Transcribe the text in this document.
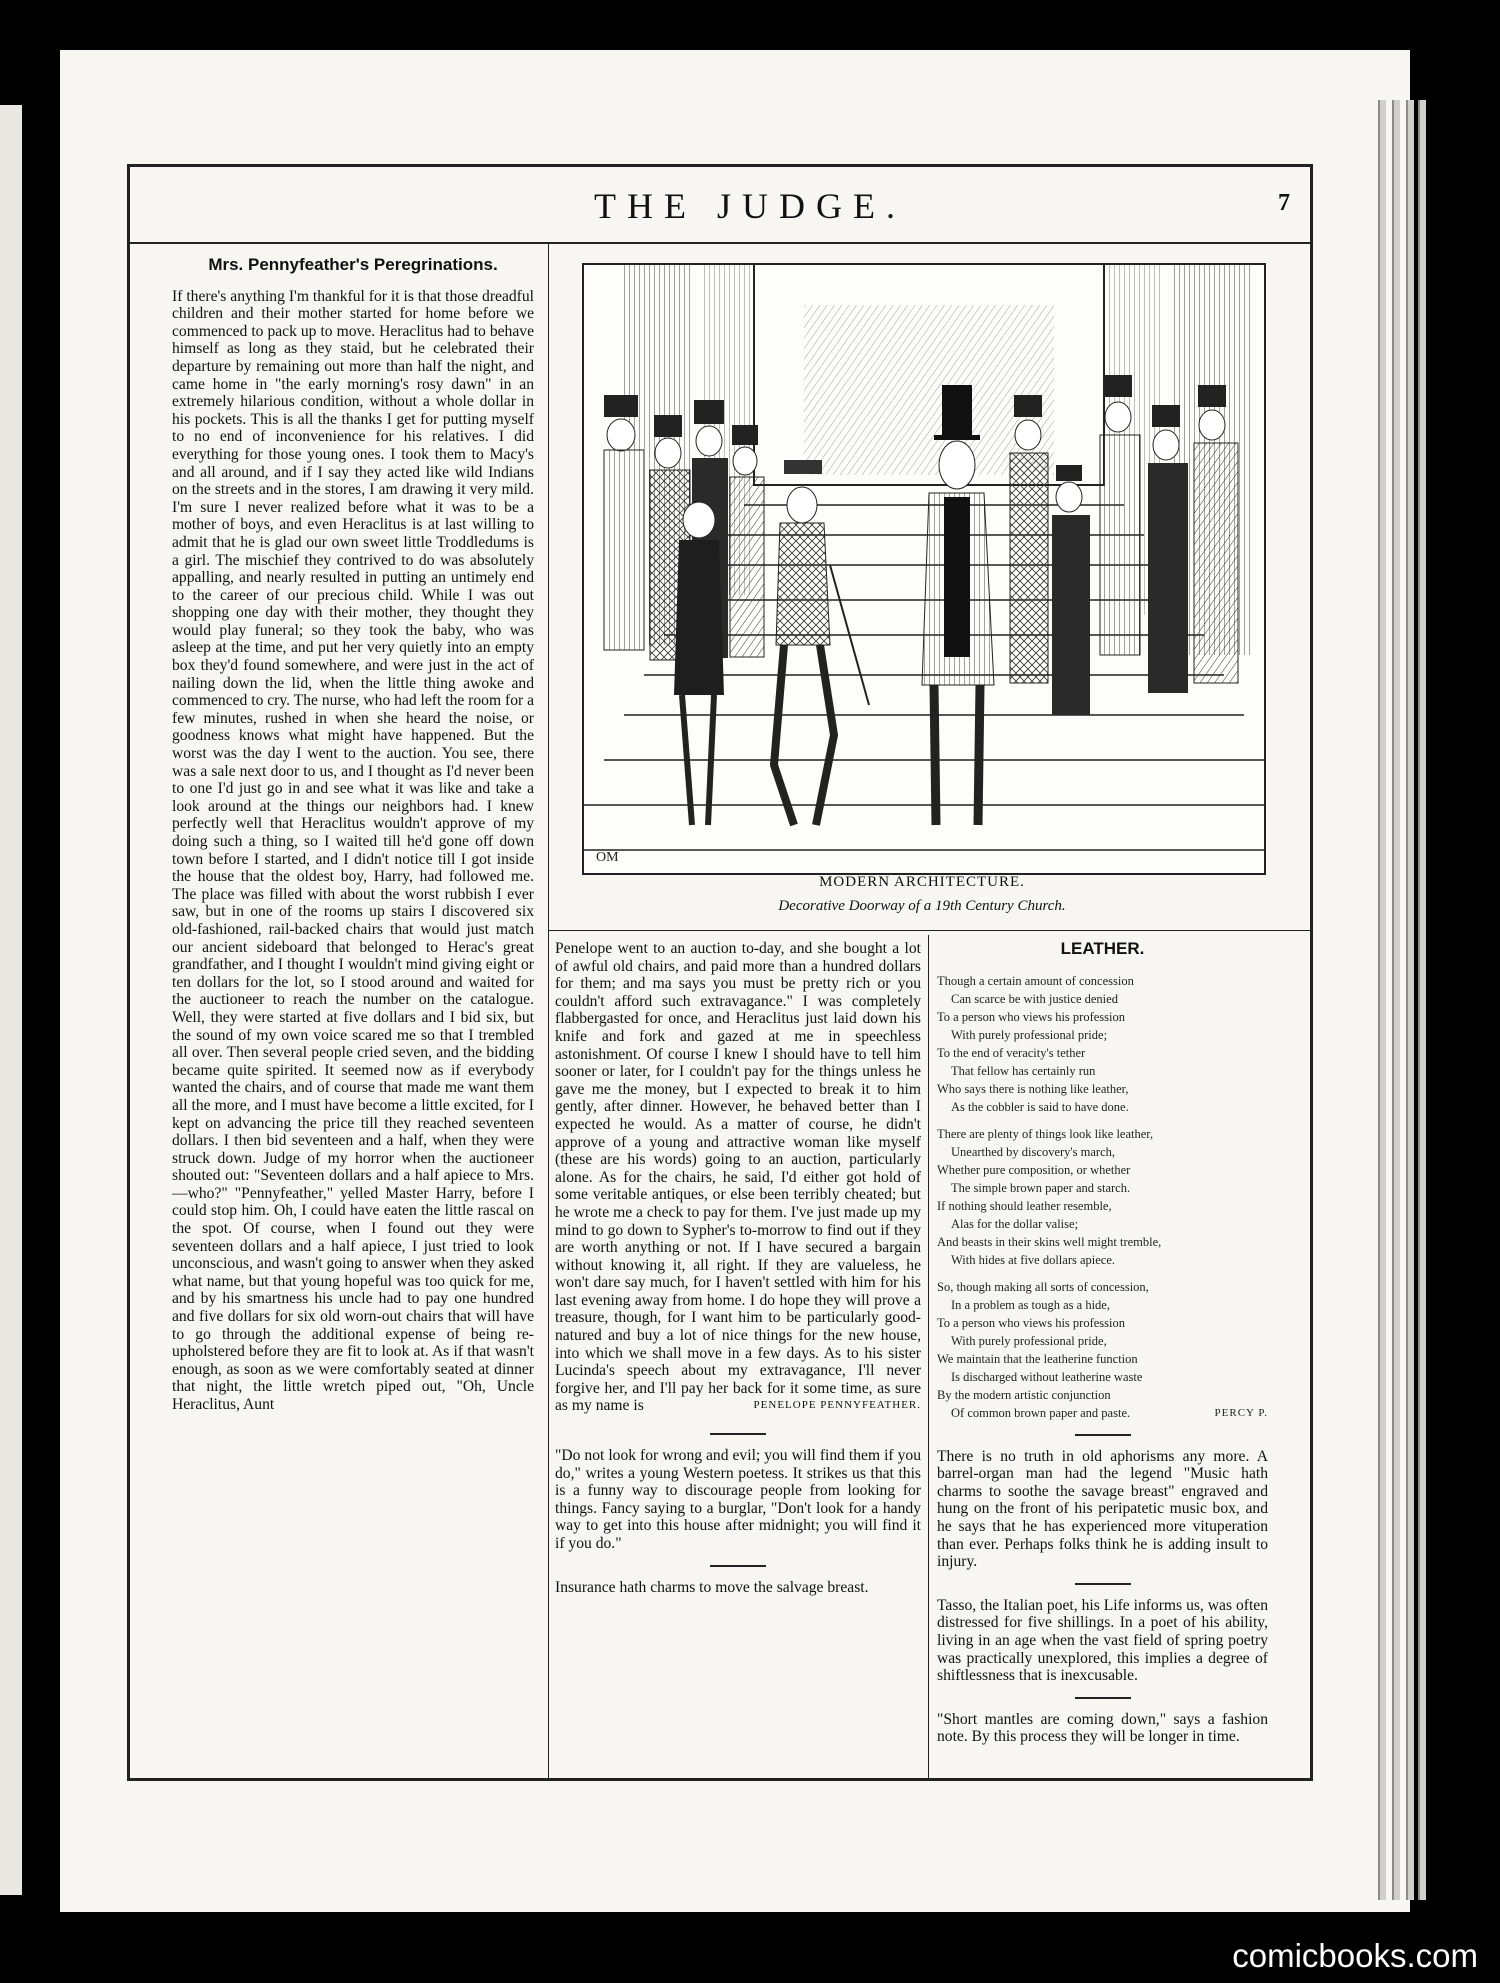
THE JUDGE.	7
Mrs. Pennyfeather's Peregrinations.

If there's anything I'm thankful for it is that those dreadful children and their mother started for home before we commenced to pack up to move. Heraclitus had to behave himself as long as they staid, but he celebrated their departure by remaining out more than half the night, and came home in "the early morning's rosy dawn" in an extremely hilarious condition, without a whole dollar in his pockets. This is all the thanks I get for putting myself to no end of inconvenience for his relatives. I did everything for those young ones. I took them to Macy's and all around, and if I say they acted like wild Indians on the streets and in the stores, I am drawing it very mild. I'm sure I never realized before what it was to be a mother of boys, and even Heraclitus is at last willing to admit that he is glad our own sweet little Troddledums is a girl. The mischief they contrived to do was absolutely appalling, and nearly resulted in putting an untimely end to the career of our precious child. While I was out shopping one day with their mother, they thought they would play funeral; so they took the baby, who was asleep at the time, and put her very quietly into an empty box they'd found somewhere, and were just in the act of nailing down the lid, when the little thing awoke and commenced to cry. The nurse, who had left the room for a few minutes, rushed in when she heard the noise, or goodness knows what might have happened. But the worst was the day I went to the auction. You see, there was a sale next door to us, and I thought as I'd never been to one I'd just go in and see what it was like and take a look around at the things our neighbors had. I knew perfectly well that Heraclitus wouldn't approve of my doing such a thing, so I waited till he'd gone off down town before I started, and I didn't notice till I got inside the house that the oldest boy, Harry, had followed me. The place was filled with about the worst rubbish I ever saw, but in one of the rooms up stairs I discovered six old-fashioned, rail-backed chairs that would just match our ancient sideboard that belonged to Herac's great grandfather, and I thought I wouldn't mind giving eight or ten dollars for the lot, so I stood around and waited for the auctioneer to reach the number on the catalogue. Well, they were started at five dollars and I bid six, but the sound of my own voice scared me so that I trembled all over. Then several people cried seven, and the bidding became quite spirited. It seemed now as if everybody wanted the chairs, and of course that made me want them all the more, and I must have become a little excited, for I kept on advancing the price till they reached seventeen dollars. I then bid seventeen and a half, when they were struck down. Judge of my horror when the auctioneer shouted out: "Seventeen dollars and a half apiece to Mrs.—who?" "Pennyfeather," yelled Master Harry, before I could stop him. Oh, I could have eaten the little rascal on the spot. Of course, when I found out they were seventeen dollars and a half apiece, I just tried to look unconscious, and wasn't going to answer when they asked what name, but that young hopeful was too quick for me, and by his smartness his uncle had to pay one hundred and five dollars for six old worn-out chairs that will have to go through the additional expense of being re-upholstered before they are fit to look at. As if that wasn't enough, as soon as we were comfortably seated at dinner that night, the little wretch piped out, "Oh, Uncle Heraclitus, Aunt

OM
MODERN ARCHITECTURE.
Decorative Doorway of a 19th Century Church.

Penelope went to an auction to-day, and she bought a lot of awful old chairs, and paid more than a hundred dollars for them; and ma says you must be pretty rich or you couldn't afford such extravagance." I was completely flabbergasted for once, and Heraclitus just laid down his knife and fork and gazed at me in speechless astonishment. Of course I knew I should have to tell him sooner or later, for I couldn't pay for the things unless he gave me the money, but I expected to break it to him gently, after dinner. However, he behaved better than I expected he would. As a matter of course, he didn't approve of a young and attractive woman like myself (these are his words) going to an auction, particularly alone. As for the chairs, he said, I'd either got hold of some veritable antiques, or else been terribly cheated; but he wrote me a check to pay for them. I've just made up my mind to go down to Sypher's to-morrow to find out if they are worth anything or not. If I have secured a bargain without knowing it, all right. If they are valueless, he won't dare say much, for I haven't settled with him for his last evening away from home. I do hope they will prove a treasure, though, for I want him to be particularly good-natured and buy a lot of nice things for the new house, into which we shall move in a few days. As to his sister Lucinda's speech about my extravagance, I'll never forgive her, and I'll pay her back for it some time, as sure as my name is	PENELOPE PENNYFEATHER.

"Do not look for wrong and evil; you will find them if you do," writes a young Western poetess. It strikes us that this is a funny way to discourage people from looking for things. Fancy saying to a burglar, "Don't look for a handy way to get into this house after midnight; you will find it if you do."

Insurance hath charms to move the salvage breast.

LEATHER.
Though a certain amount of concession
Can scarce be with justice denied
To a person who views his profession
With purely professional pride;
To the end of veracity's tether
That fellow has certainly run
Who says there is nothing like leather,
As the cobbler is said to have done.
There are plenty of things look like leather,
Unearthed by discovery's march,
Whether pure composition, or whether
The simple brown paper and starch.
If nothing should leather resemble,
Alas for the dollar valise;
And beasts in their skins well might tremble,
With hides at five dollars apiece.
So, though making all sorts of concession,
In a problem as tough as a hide,
To a person who views his profession
With purely professional pride,
We maintain that the leatherine function
Is discharged without leatherine waste
By the modern artistic conjunction
Of common brown paper and paste.	PERCY P.

There is no truth in old aphorisms any more. A barrel-organ man had the legend "Music hath charms to soothe the savage breast" engraved and hung on the front of his peripatetic music box, and he says that he has experienced more vituperation than ever. Perhaps folks think he is adding insult to injury.

Tasso, the Italian poet, his Life informs us, was often distressed for five shillings. In a poet of his ability, living in an age when the vast field of spring poetry was practically unexplored, this implies a degree of shiftlessness that is inexcusable.

"Short mantles are coming down," says a fashion note. By this process they will be longer in time.

comicbooks.com
